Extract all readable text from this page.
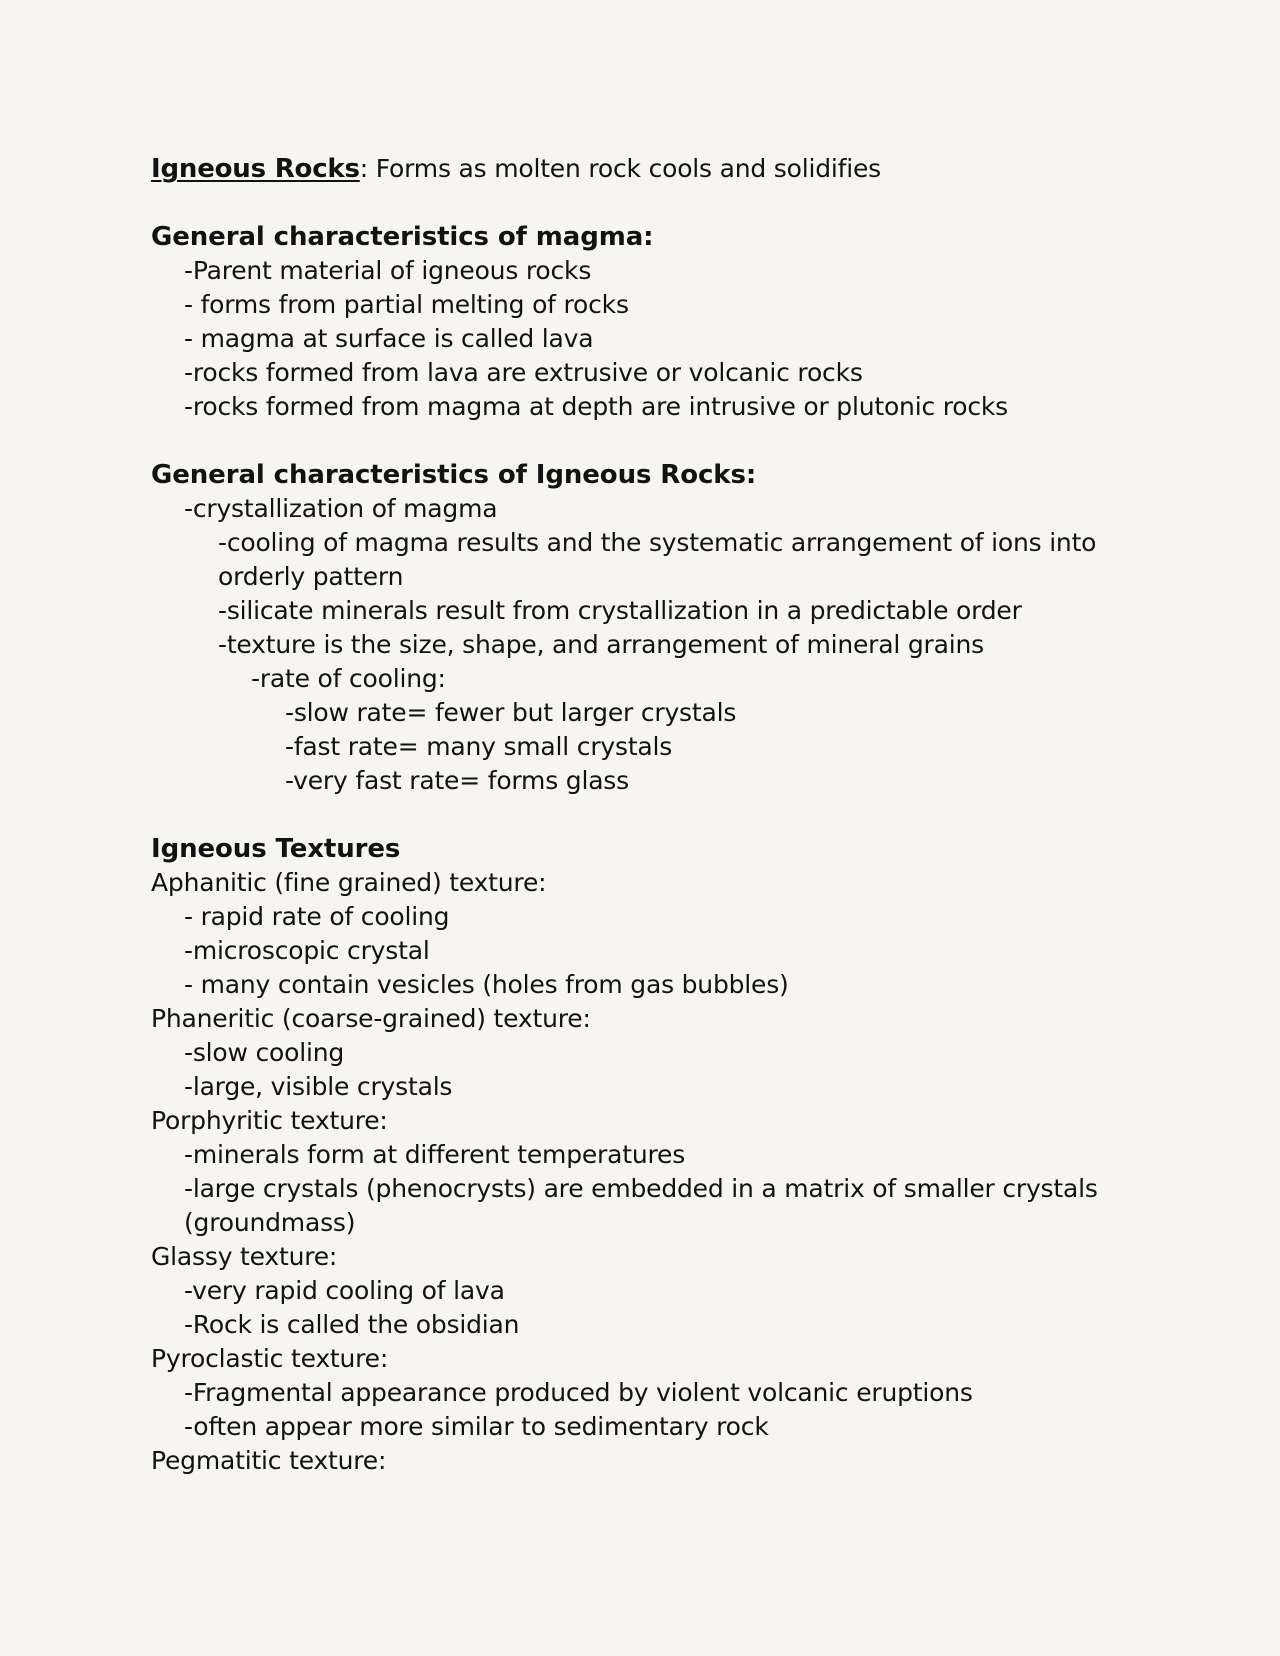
Igneous Rocks: Forms as molten rock cools and solidifies
General characteristics of magma:
-Parent material of igneous rocks
- forms from partial melting of rocks
- magma at surface is called lava
-rocks formed from lava are extrusive or volcanic rocks
-rocks formed from magma at depth are intrusive or plutonic rocks
General characteristics of Igneous Rocks:
-crystallization of magma
-cooling of magma results and the systematic arrangement of ions into
orderly pattern
-silicate minerals result from crystallization in a predictable order
-texture is the size, shape, and arrangement of mineral grains
-rate of cooling:
-slow rate= fewer but larger crystals
-fast rate= many small crystals
-very fast rate= forms glass
Igneous Textures
Aphanitic (fine grained) texture:
- rapid rate of cooling
-microscopic crystal
- many contain vesicles (holes from gas bubbles)
Phaneritic (coarse-grained) texture:
-slow cooling
-large, visible crystals
Porphyritic texture:
-minerals form at different temperatures
-large crystals (phenocrysts) are embedded in a matrix of smaller crystals
(groundmass)
Glassy texture:
-very rapid cooling of lava
-Rock is called the obsidian
Pyroclastic texture:
-Fragmental appearance produced by violent volcanic eruptions
-often appear more similar to sedimentary rock
Pegmatitic texture:
